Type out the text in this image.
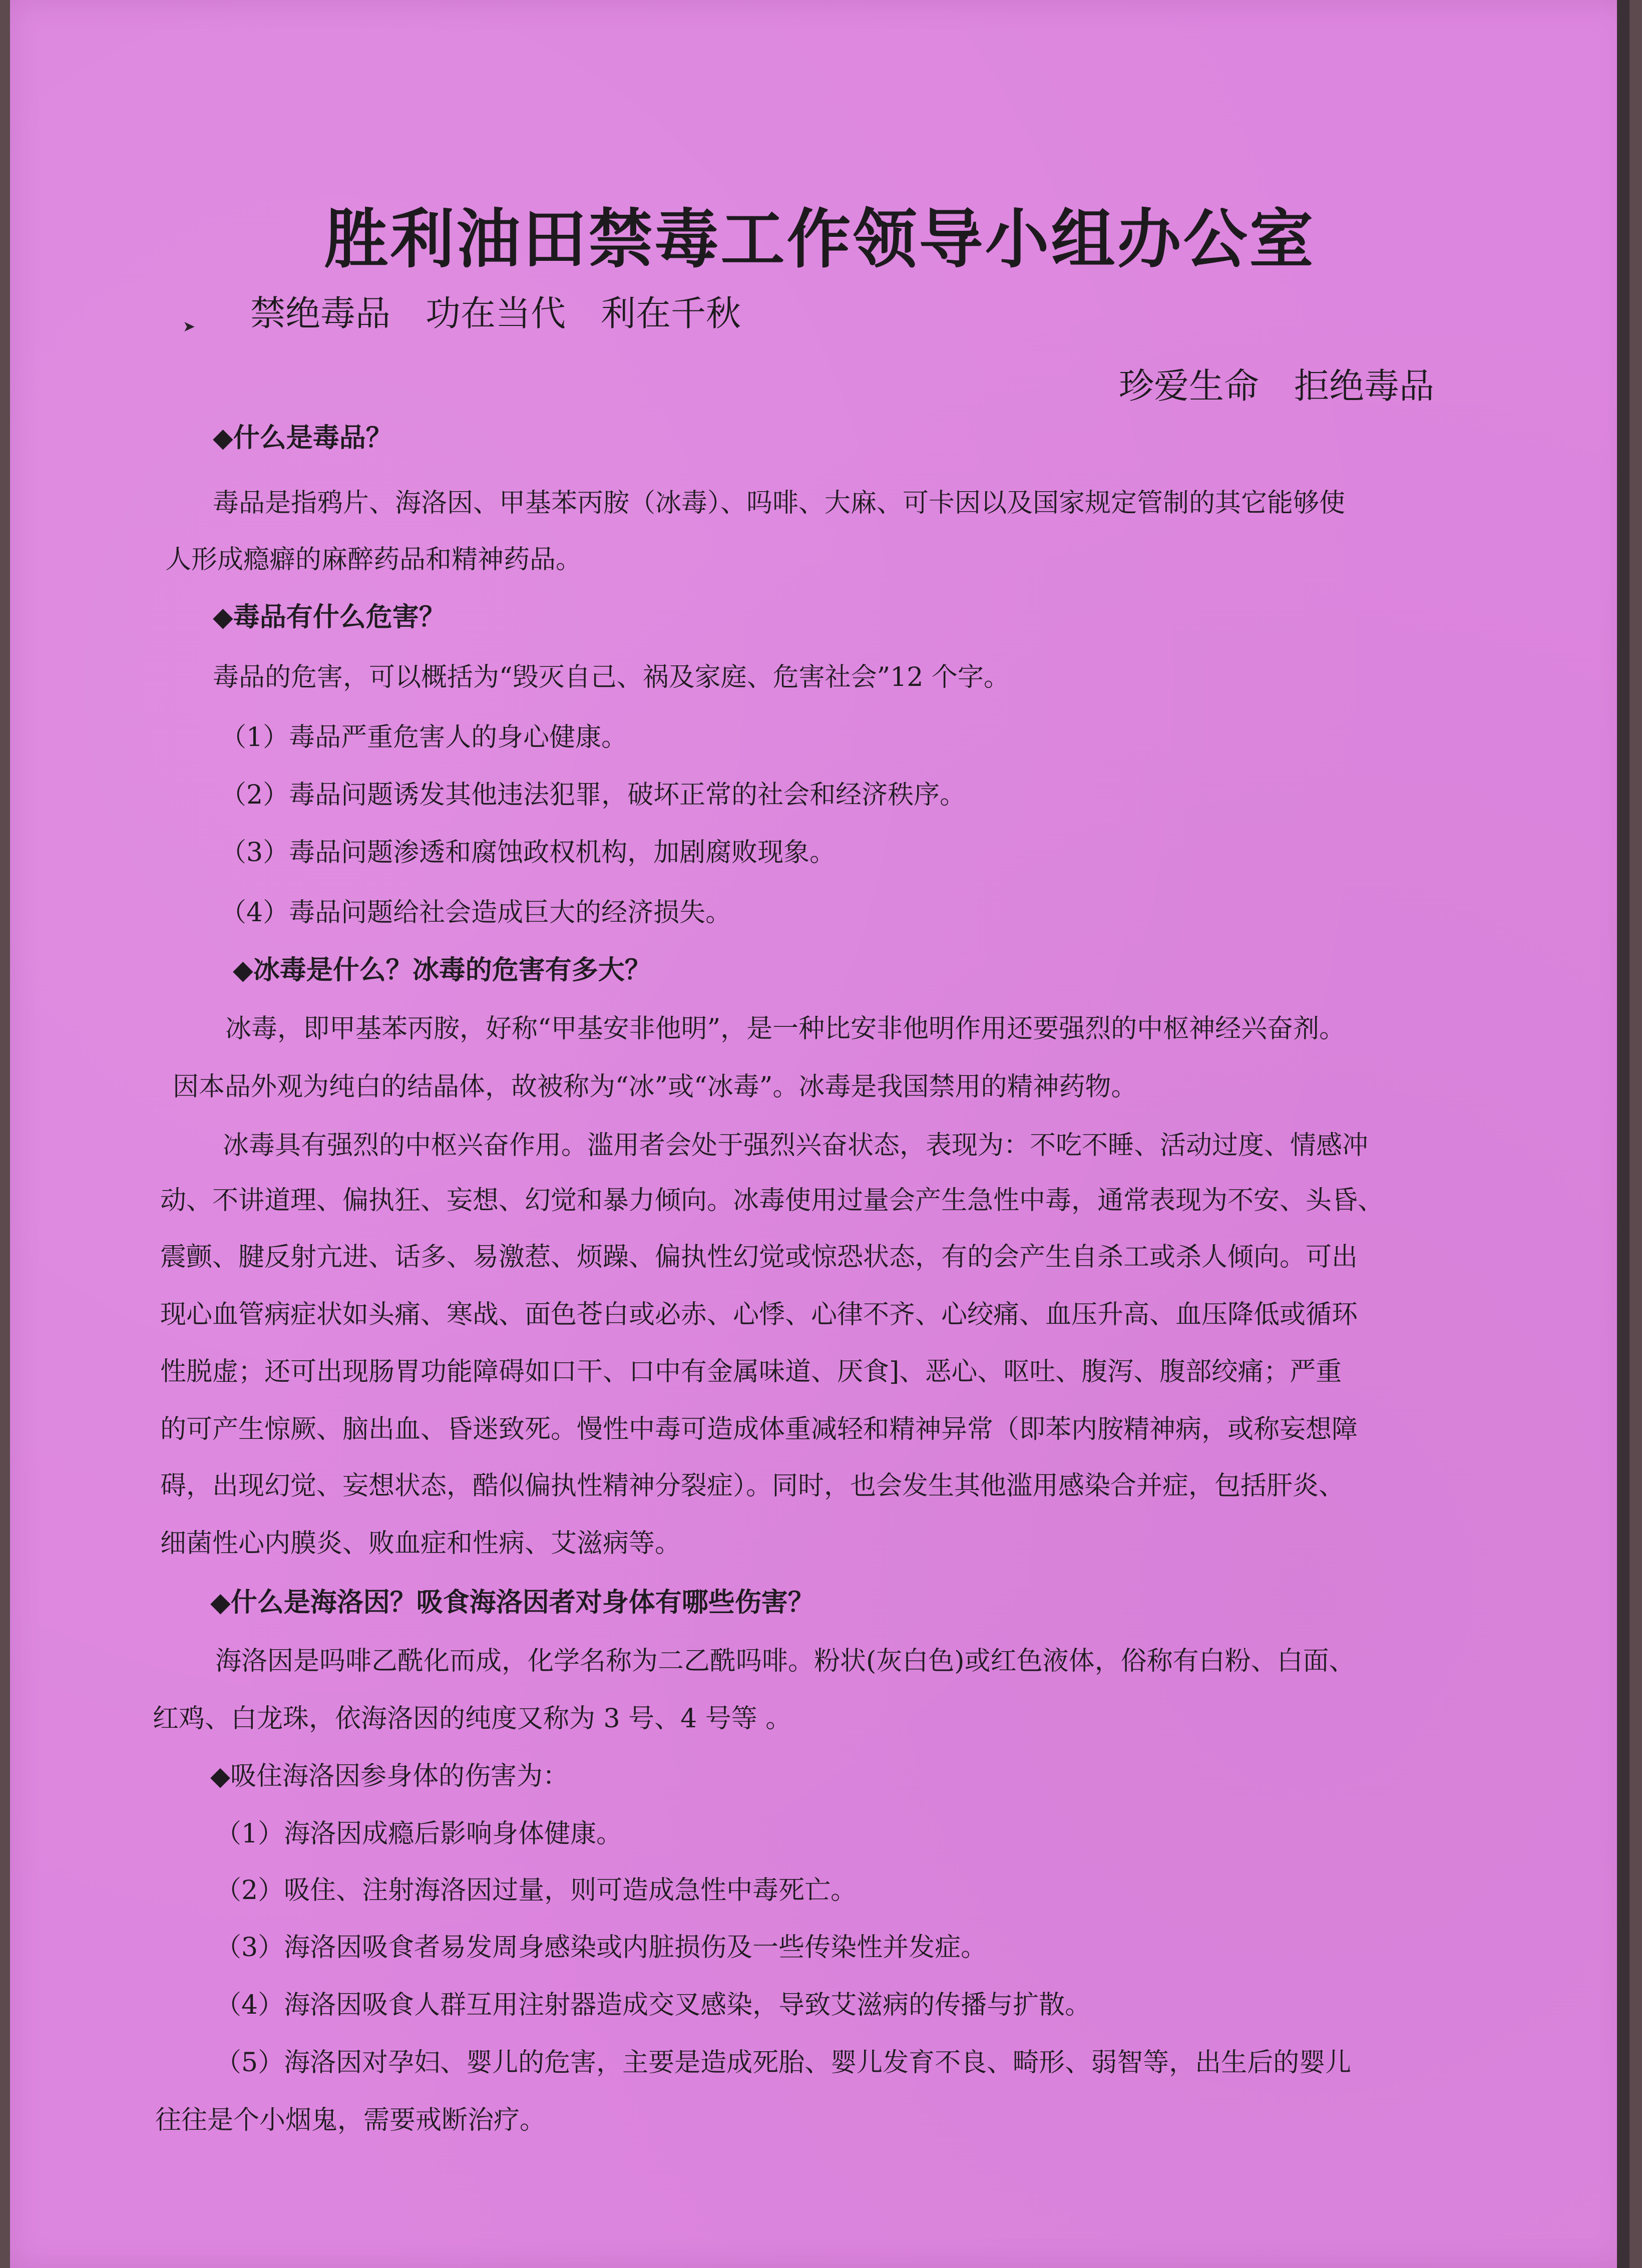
➤
胜利油田禁毒工作领导小组办公室
禁绝毒品　功在当代　利在千秋
珍爱生命　拒绝毒品
◆什么是毒品？
毒品是指鸦片、海洛因、甲基苯丙胺（冰毒）、吗啡、大麻、可卡因以及国家规定管制的其它能够使
人形成瘾癖的麻醉药品和精神药品。
◆毒品有什么危害？
毒品的危害，可以概括为“毁灭自己、祸及家庭、危害社会”12 个字。
（1）毒品严重危害人的身心健康。
（2）毒品问题诱发其他违法犯罪，破坏正常的社会和经济秩序。
（3）毒品问题渗透和腐蚀政权机构，加剧腐败现象。
（4）毒品问题给社会造成巨大的经济损失。
◆冰毒是什么？冰毒的危害有多大？
冰毒，即甲基苯丙胺，好称“甲基安非他明”，是一种比安非他明作用还要强烈的中枢神经兴奋剂。
因本品外观为纯白的结晶体，故被称为“冰”或“冰毒”。冰毒是我国禁用的精神药物。
冰毒具有强烈的中枢兴奋作用。滥用者会处于强烈兴奋状态，表现为：不吃不睡、活动过度、情感冲
动、不讲道理、偏执狂、妄想、幻觉和暴力倾向。冰毒使用过量会产生急性中毒，通常表现为不安、头昏、
震颤、腱反射亢进、话多、易激惹、烦躁、偏执性幻觉或惊恐状态，有的会产生自杀工或杀人倾向。可出
现心血管病症状如头痛、寒战、面色苍白或必赤、心悸、心律不齐、心绞痛、血压升高、血压降低或循环
性脱虚；还可出现肠胃功能障碍如口干、口中有金属味道、厌食]、恶心、呕吐、腹泻、腹部绞痛；严重
的可产生惊厥、脑出血、昏迷致死。慢性中毒可造成体重减轻和精神异常（即苯内胺精神病，或称妄想障
碍，出现幻觉、妄想状态，酷似偏执性精神分裂症）。同时，也会发生其他滥用感染合并症，包括肝炎、
细菌性心内膜炎、败血症和性病、艾滋病等。
◆什么是海洛因？吸食海洛因者对身体有哪些伤害？
海洛因是吗啡乙酰化而成，化学名称为二乙酰吗啡。粉状(灰白色)或红色液体，俗称有白粉、白面、
红鸡、白龙珠，依海洛因的纯度又称为 3 号、4 号等 。
◆吸住海洛因参身体的伤害为：
（1）海洛因成瘾后影响身体健康。
（2）吸住、注射海洛因过量，则可造成急性中毒死亡。
（3）海洛因吸食者易发周身感染或内脏损伤及一些传染性并发症。
（4）海洛因吸食人群互用注射器造成交叉感染，导致艾滋病的传播与扩散。
（5）海洛因对孕妇、婴儿的危害，主要是造成死胎、婴儿发育不良、畸形、弱智等，出生后的婴儿
往往是个小烟鬼，需要戒断治疗。
